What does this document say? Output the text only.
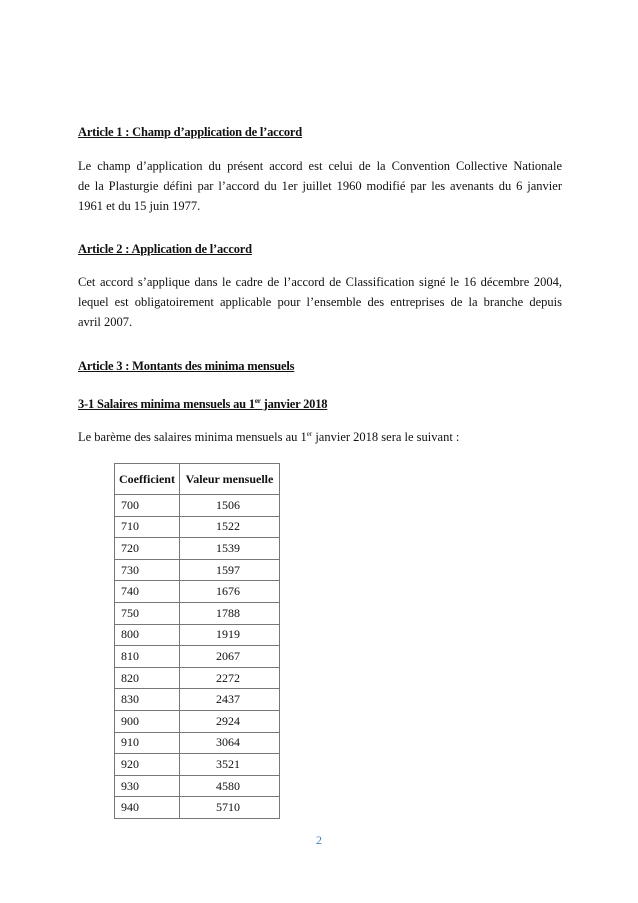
Article 1 : Champ d’application de l’accord
Le champ d’application du présent accord est celui de la Convention Collective Nationale
de la Plasturgie défini par l’accord du 1er juillet 1960 modifié par les avenants du 6 janvier
1961 et du 15 juin 1977.
Article 2 : Application de l’accord
Cet accord s’applique dans le cadre de l’accord de Classification signé le 16 décembre 2004,
lequel est obligatoirement applicable pour l’ensemble des entreprises de la branche depuis
avril 2007.
Article 3 : Montants des minima mensuels
3-1 Salaires minima mensuels au 1er janvier 2018
Le barème des salaires minima mensuels au 1er janvier 2018 sera le suivant :
Coefficient	Valeur mensuelle
700	1506
710	1522
720	1539
730	1597
740	1676
750	1788
800	1919
810	2067
820	2272
830	2437
900	2924
910	3064
920	3521
930	4580
940	5710
2
